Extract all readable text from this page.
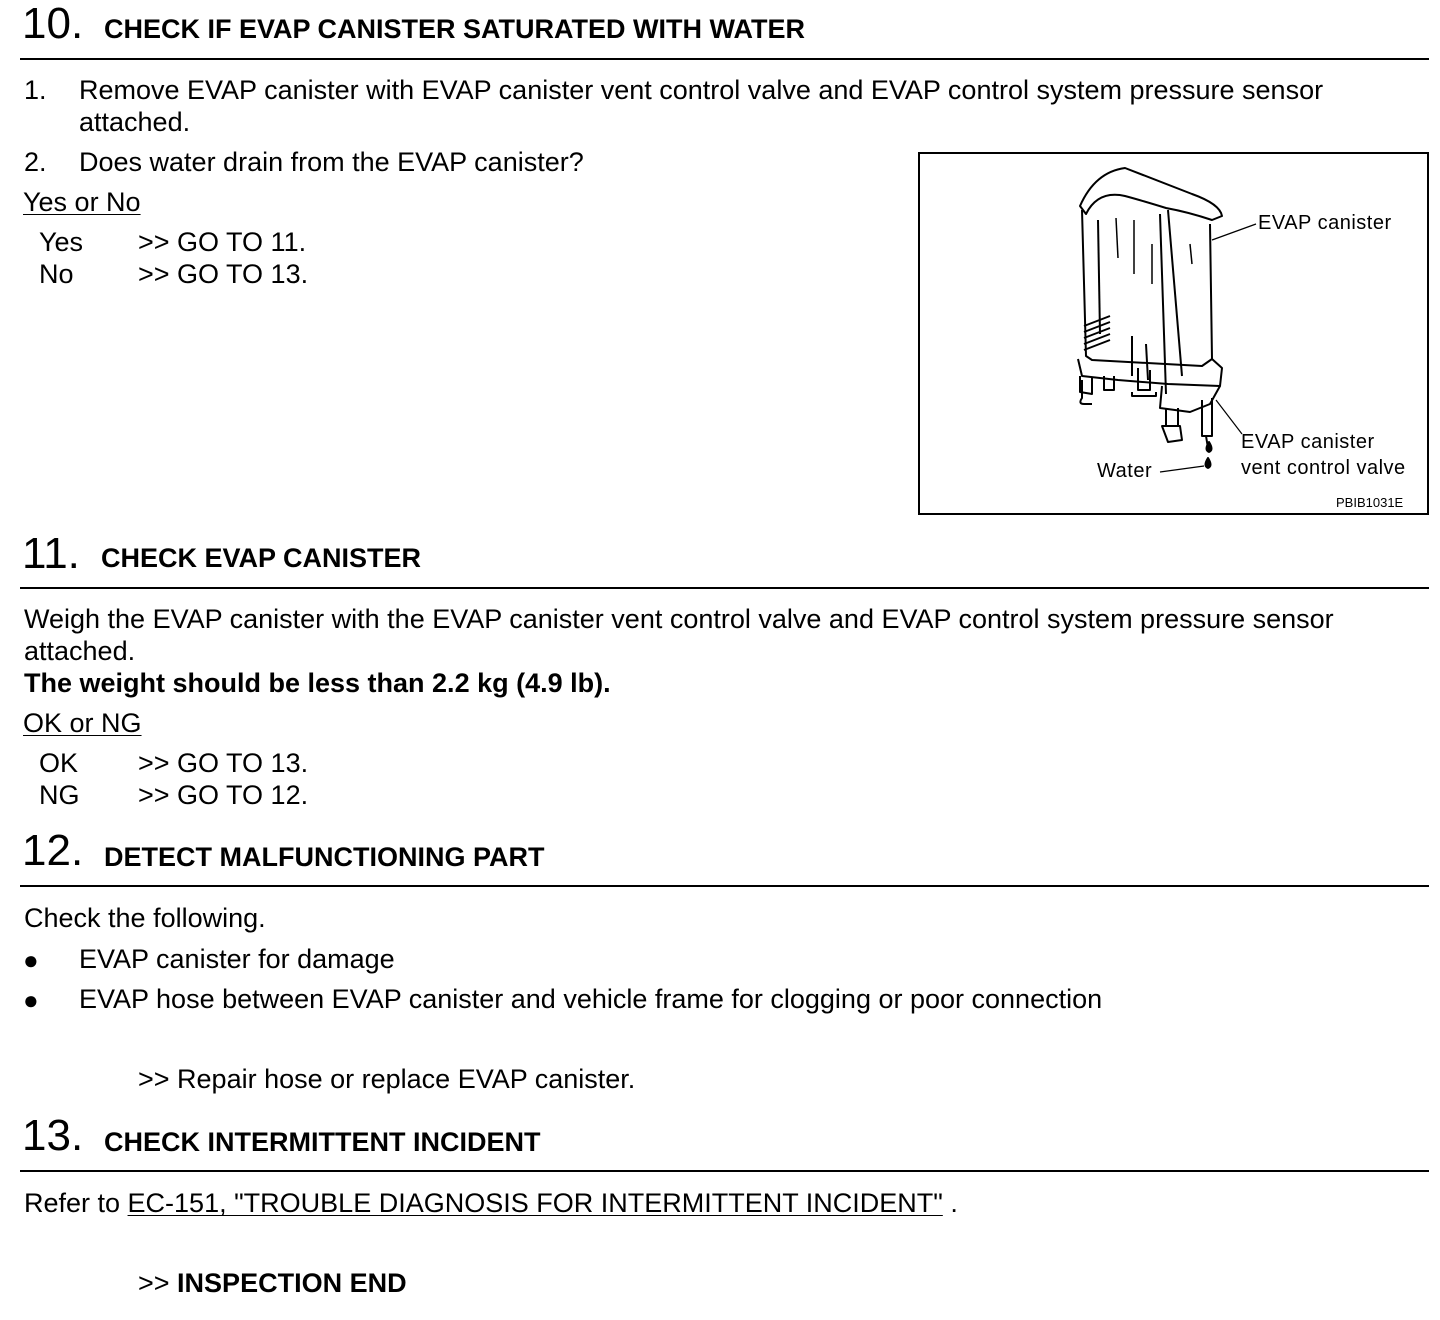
10. CHECK IF EVAP CANISTER SATURATED WITH WATER
1. Remove EVAP canister with EVAP canister vent control valve and EVAP control system pressure sensor
attached.
2. Does water drain from the EVAP canister?
Yes or No
Yes >> GO TO 11.
No >> GO TO 13.
EVAP canister
EVAP canister
vent control valve
Water
PBIB1031E
11. CHECK EVAP CANISTER
Weigh the EVAP canister with the EVAP canister vent control valve and EVAP control system pressure sensor
attached.
The weight should be less than 2.2 kg (4.9 lb).
OK or NG
OK >> GO TO 13.
NG >> GO TO 12.
12. DETECT MALFUNCTIONING PART
Check the following.
● EVAP canister for damage
● EVAP hose between EVAP canister and vehicle frame for clogging or poor connection
>> Repair hose or replace EVAP canister.
13. CHECK INTERMITTENT INCIDENT
Refer to EC-151, "TROUBLE DIAGNOSIS FOR INTERMITTENT INCIDENT" .
>> INSPECTION END
